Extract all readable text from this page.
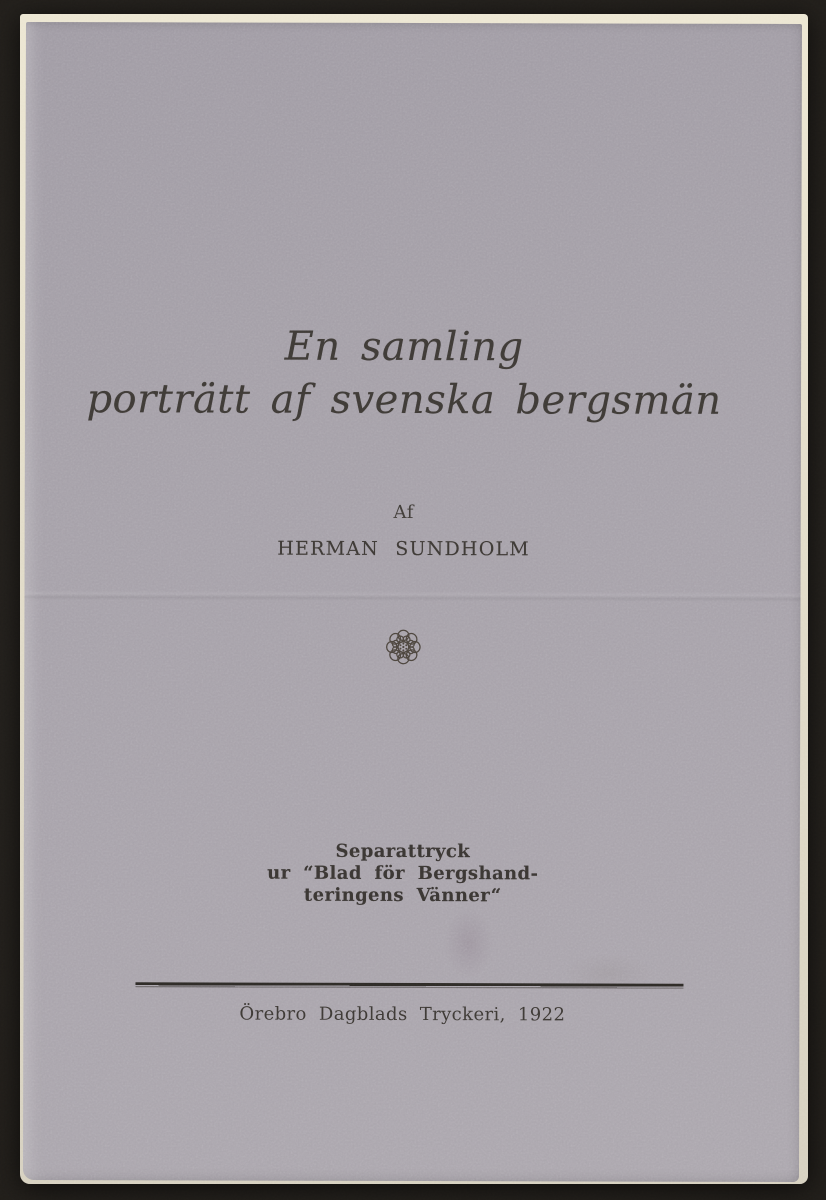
En samling
porträtt af svenska bergsmän
Af
HERMAN SUNDHOLM
Separattryck
ur “Blad för Bergshand-
teringens Vänner“
Örebro Dagblads Tryckeri, 1922
